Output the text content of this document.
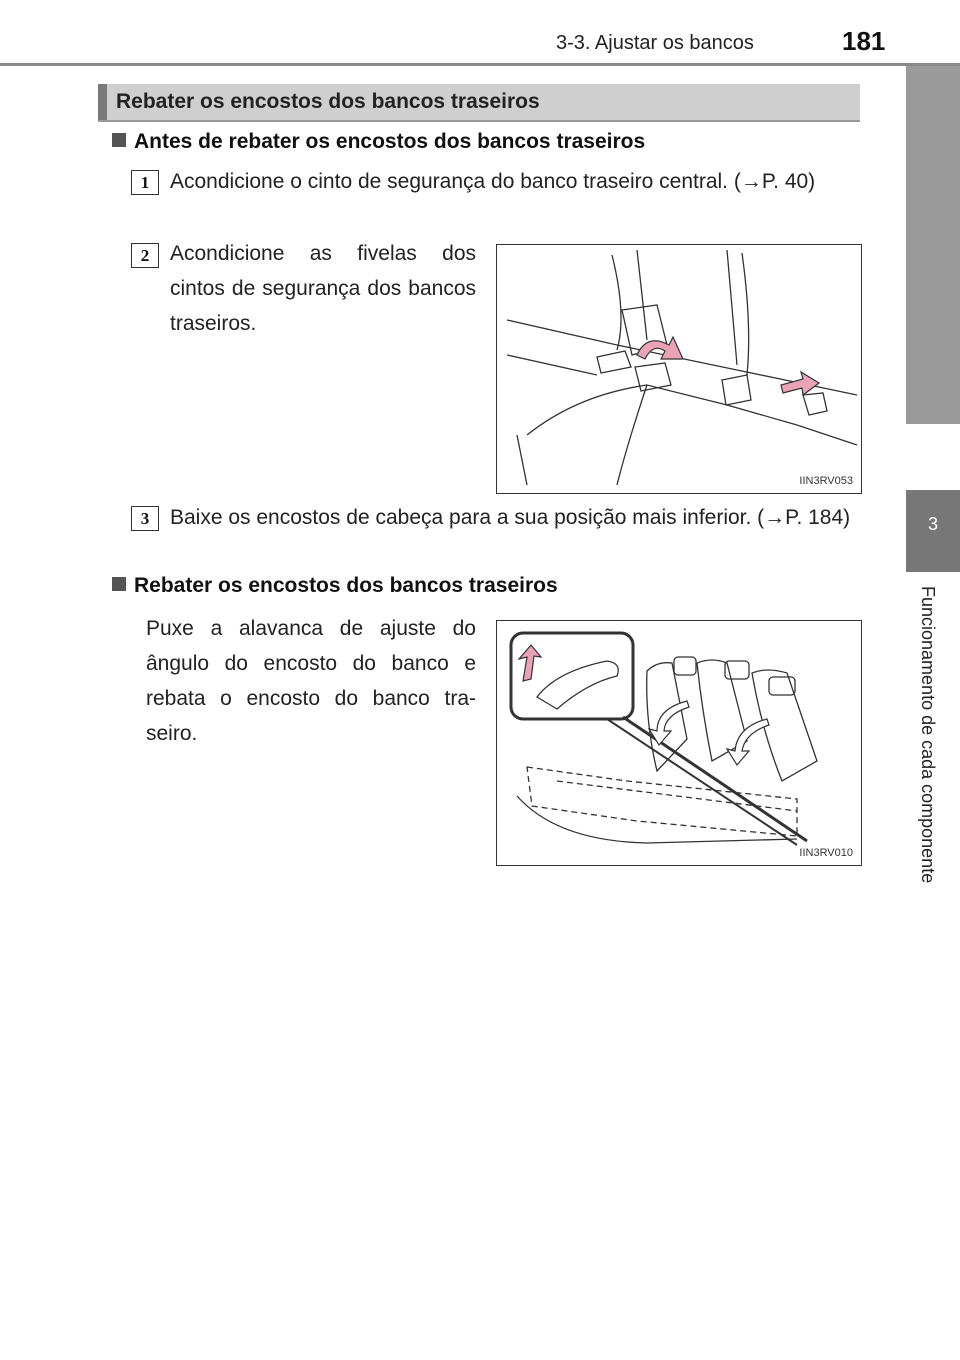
3-3. Ajustar os bancos	181
3
Funcionamento de cada componente
Rebater os encostos dos bancos traseiros
Antes de rebater os encostos dos bancos traseiros
1 Acondicione o cinto de segurança do banco traseiro central. (→P. 40)
2 Acondicione as fivelas dos cintos de segurança dos bancos traseiros.
IIN3RV053
3 Baixe os encostos de cabeça para a sua posição mais inferior. (→P. 184)
Rebater os encostos dos bancos traseiros
Puxe a alavanca de ajuste do ângulo do encosto do banco e rebata o encosto do banco tra-seiro.
IIN3RV010
